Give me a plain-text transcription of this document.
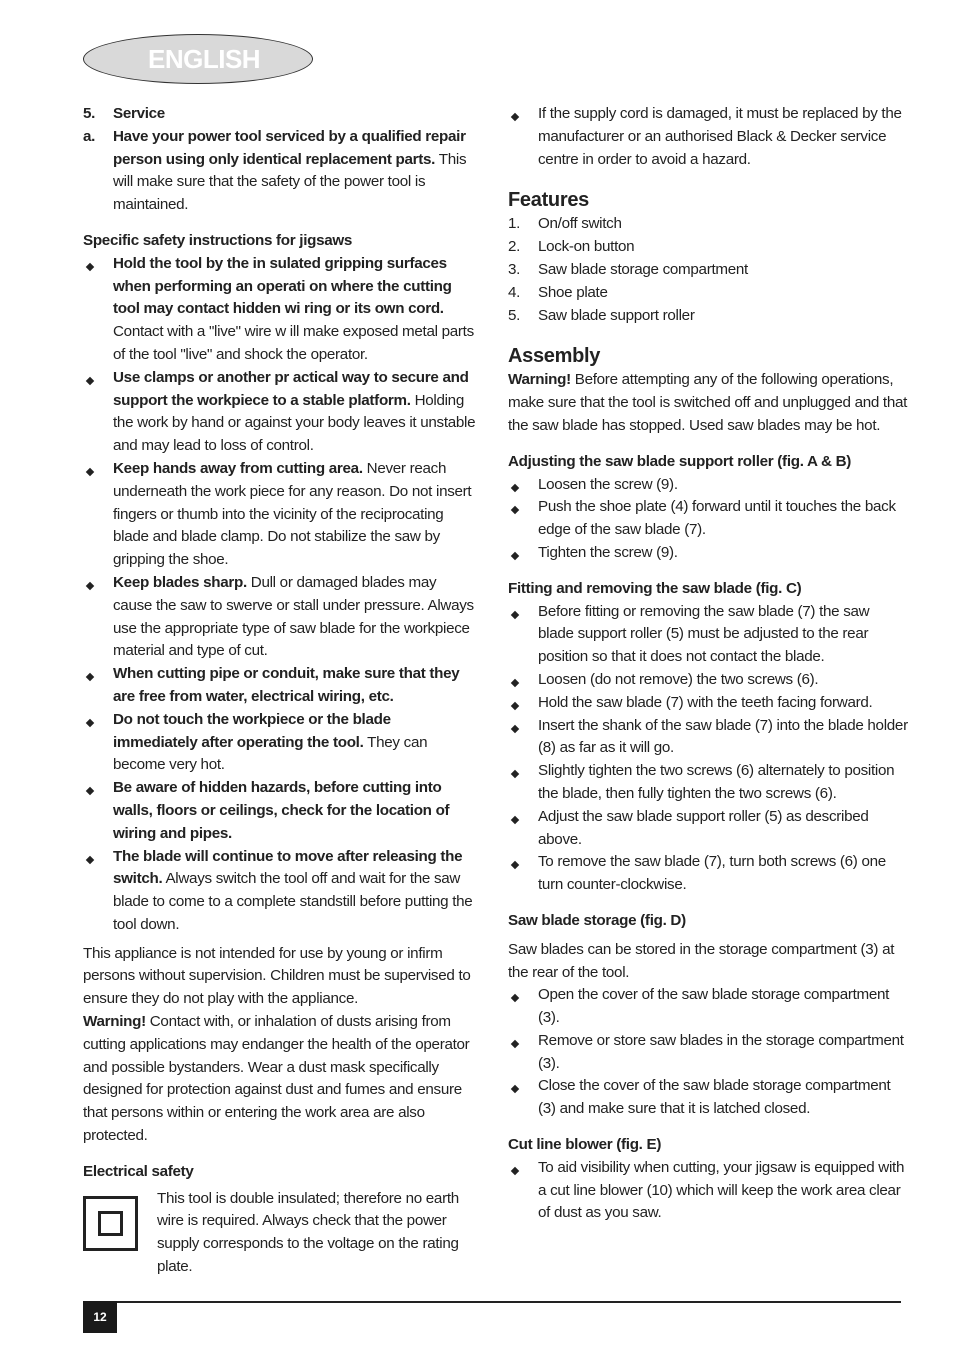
ENGLISH
5.	Service
a.	Have your power tool serviced by a qualified repair person using only identical replacement parts. This will make sure that the safety of the power tool is maintained.
Specific safety instructions for jigsaws
Hold the tool by the in sulated gripping surfaces when performing an operati on where the cutting tool may contact hidden wi ring or its own cord. Contact with a "live" wire w ill make exposed metal parts of the tool "live" and shock the operator.
Use clamps or another pr actical way to secure and support the workpiece to a stable platform. Holding the work by hand or against your body leaves it unstable and may lead to loss of control.
Keep hands away from cutting area. Never reach underneath the work piece for any reason. Do not insert fingers or thumb into the vicinity of the reciprocating blade and blade clamp. Do not stabilize the saw by gripping the shoe.
Keep blades sharp. Dull or damaged blades may cause the saw to swerve or stall under pressure. Always use the appropriate type of saw blade for the workpiece material and type of cut.
When cutting pipe or conduit, make sure that they are free from water, electrical wiring, etc.
Do not touch the workpiece or the blade immediately after operating the tool. They can become very hot.
Be aware of hidden hazards, before cutting into walls, floors or ceilings, check for the location of wiring and pipes.
The blade will continue to move after releasing the switch. Always switch the tool off and wait for the saw blade to come to a complete standstill before putting the tool down.
This appliance is not intended for use by young or infirm persons without supervision. Children must be supervised to ensure they do not play with the appliance.
Warning! Contact with, or inhalation of dusts arising from cutting applications may endanger the health of the operator and possible bystanders. Wear a dust mask specifically designed for protection against dust and fumes and ensure that persons within or entering the work area are also protected.
Electrical safety
This tool is double insulated; therefore no earth wire is required. Always check that the power supply corresponds to the voltage on the rating plate.
If the supply cord is damaged, it must be replaced by the manufacturer or an authorised Black & Decker service centre in order to avoid a hazard.
Features
1.	On/off switch
2.	Lock-on button
3.	Saw blade storage compartment
4.	Shoe plate
5.	Saw blade support roller
Assembly
Warning! Before attempting any of the following operations, make sure that the tool is switched off and unplugged and that the saw blade has stopped. Used saw blades may be hot.
Adjusting the saw blade support roller (fig. A & B)
Loosen the screw (9).
Push the shoe plate (4) forward until it touches the back edge of the saw blade (7).
Tighten the screw (9).
Fitting and removing the saw blade (fig. C)
Before fitting or removing the saw blade (7) the saw blade support roller (5) must be adjusted to the rear position so that it does not contact the blade.
Loosen (do not remove) the two screws (6).
Hold the saw blade (7) with the teeth facing forward.
Insert the shank of the saw blade (7) into the blade holder (8) as far as it will go.
Slightly tighten the two screws (6) alternately to position the blade, then fully tighten the two screws (6).
Adjust the saw blade support roller (5) as described above.
To remove the saw blade (7), turn both screws (6) one turn counter-clockwise.
Saw blade storage (fig. D)
Saw blades can be stored in the storage compartment (3) at the rear of the tool.
Open the cover of the saw blade storage compartment (3).
Remove or store saw blades in the storage compartment (3).
Close the cover of the saw blade storage compartment (3) and make sure that it is latched closed.
Cut line blower (fig. E)
To aid visibility when cutting, your jigsaw is equipped with a cut line blower (10) which will keep the work area clear of dust as you saw.
12
